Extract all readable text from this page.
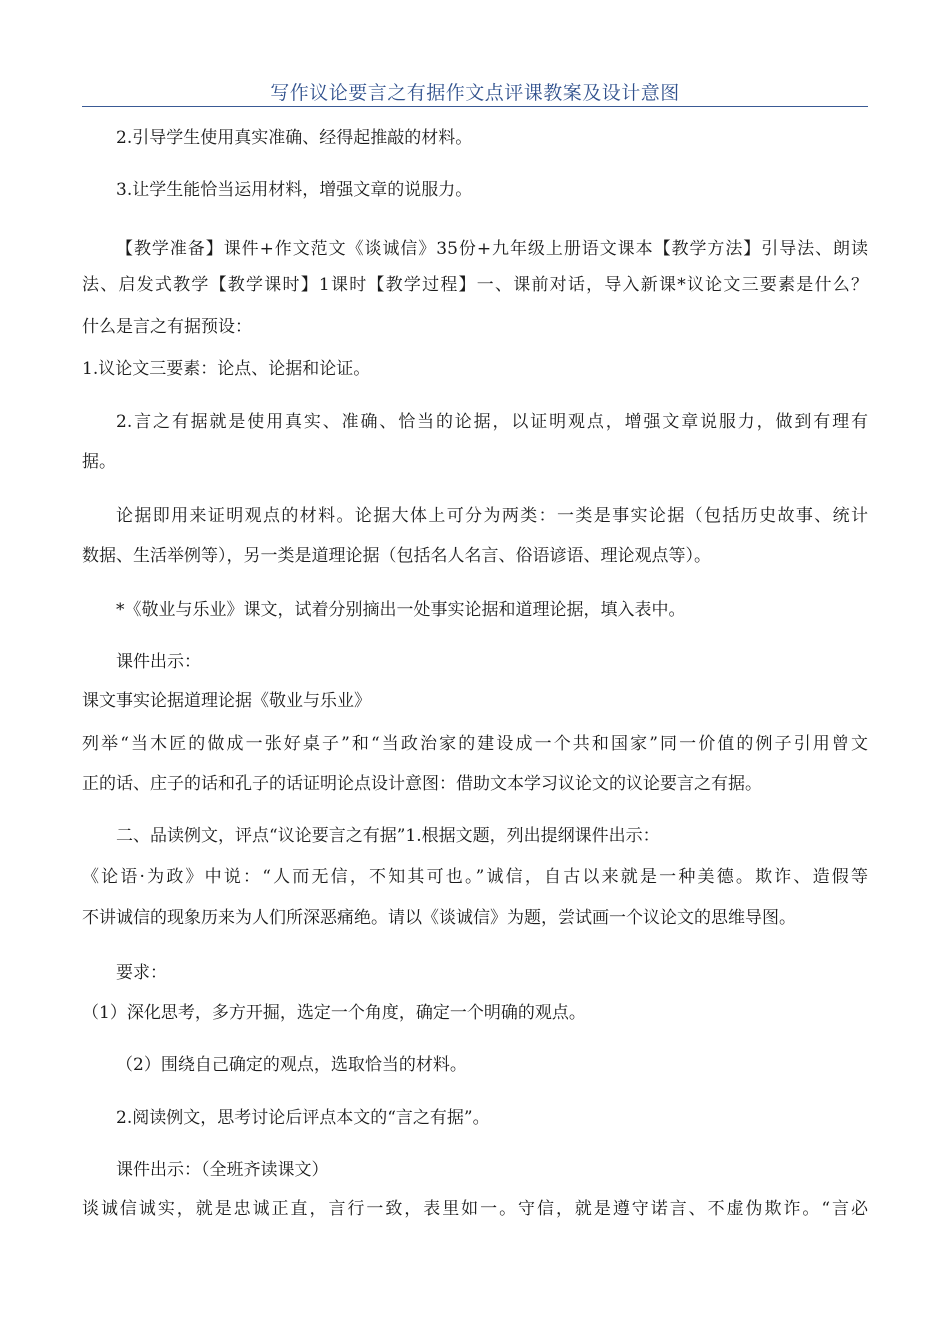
写作议论要言之有据作文点评课教案及设计意图
2.引导学生使用真实准确、经得起推敲的材料。
3.让学生能恰当运用材料，增强文章的说服力。
【教学准备】课件+作文范文《谈诚信》35份+九年级上册语文课本【教学方法】引导法、朗读
法、启发式教学【教学课时】1课时【教学过程】一、课前对话，导入新课*议论文三要素是什么？
什么是言之有据预设：
1.议论文三要素：论点、论据和论证。
2.言之有据就是使用真实、准确、恰当的论据，以证明观点，增强文章说服力，做到有理有
据。
论据即用来证明观点的材料。论据大体上可分为两类：一类是事实论据（包括历史故事、统计
数据、生活举例等），另一类是道理论据（包括名人名言、俗语谚语、理论观点等）。
*《敬业与乐业》课文，试着分别摘出一处事实论据和道理论据，填入表中。
课件出示：
课文事实论据道理论据《敬业与乐业》
列举“当木匠的做成一张好桌子”和“当政治家的建设成一个共和国家”同一价值的例子引用曾文
正的话、庄子的话和孔子的话证明论点设计意图：借助文本学习议论文的议论要言之有据。
二、品读例文，评点“议论要言之有据”1.根据文题，列出提纲课件出示：
《论语·为政》中说：“人而无信，不知其可也。”诚信，自古以来就是一种美德。欺诈、造假等
不讲诚信的现象历来为人们所深恶痛绝。请以《谈诚信》为题，尝试画一个议论文的思维导图。
要求：
（1）深化思考，多方开掘，选定一个角度，确定一个明确的观点。
（2）围绕自己确定的观点，选取恰当的材料。
2.阅读例文，思考讨论后评点本文的“言之有据”。
课件出示：（全班齐读课文）
谈诚信诚实，就是忠诚正直，言行一致，表里如一。守信，就是遵守诺言、不虚伪欺诈。“言必
